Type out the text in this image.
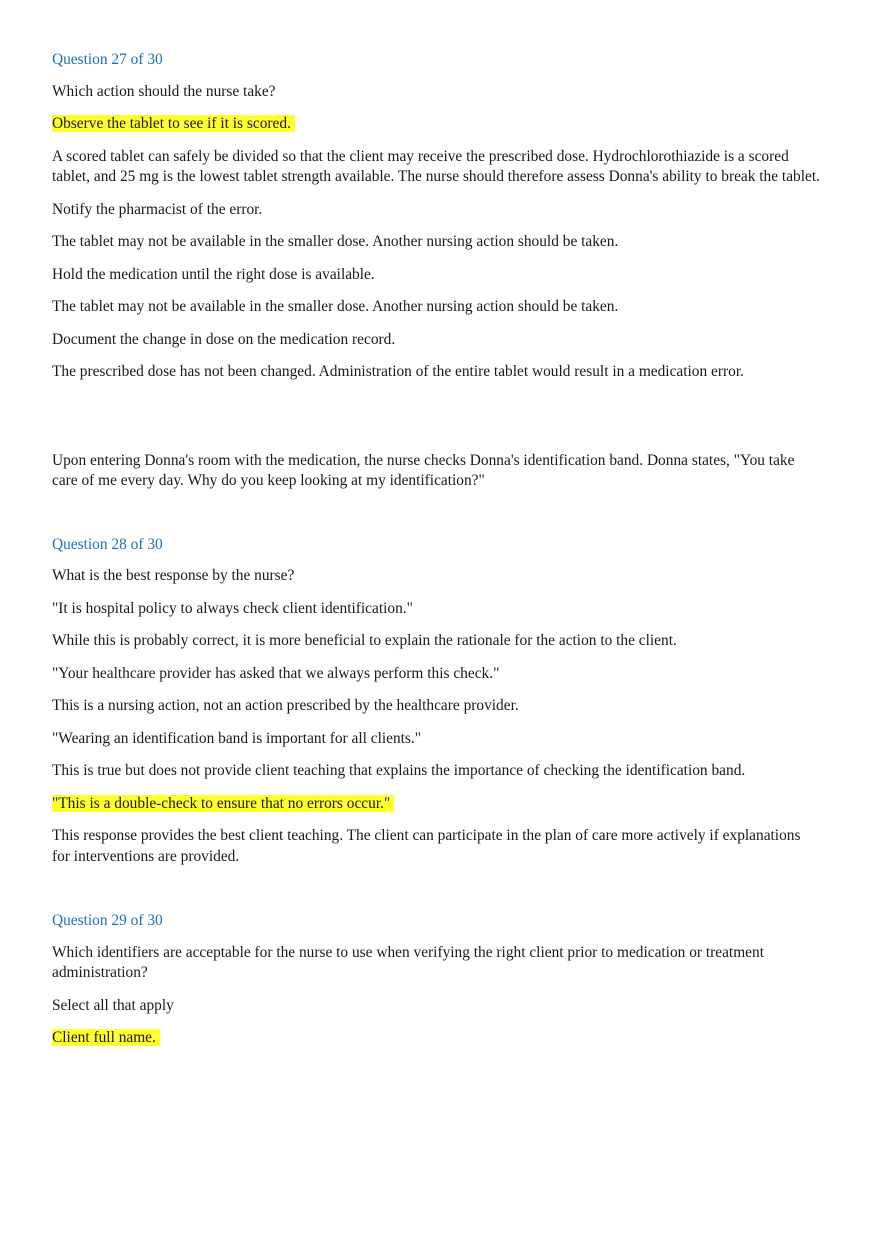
Question 27 of 30

Which action should the nurse take?

Observe the tablet to see if it is scored.

A scored tablet can safely be divided so that the client may receive the prescribed dose. Hydrochlorothiazide is a scored tablet, and 25 mg is the lowest tablet strength available. The nurse should therefore assess Donna's ability to break the tablet.

Notify the pharmacist of the error.

The tablet may not be available in the smaller dose. Another nursing action should be taken.

Hold the medication until the right dose is available.

The tablet may not be available in the smaller dose. Another nursing action should be taken.

Document the change in dose on the medication record.

The prescribed dose has not been changed. Administration of the entire tablet would result in a medication error.

Upon entering Donna's room with the medication, the nurse checks Donna's identification band. Donna states, "You take care of me every day. Why do you keep looking at my identification?"

Question 28 of 30

What is the best response by the nurse?

"It is hospital policy to always check client identification."

While this is probably correct, it is more beneficial to explain the rationale for the action to the client.

"Your healthcare provider has asked that we always perform this check."

This is a nursing action, not an action prescribed by the healthcare provider.

"Wearing an identification band is important for all clients."

This is true but does not provide client teaching that explains the importance of checking the identification band.

"This is a double-check to ensure that no errors occur."

This response provides the best client teaching. The client can participate in the plan of care more actively if explanations for interventions are provided.

Question 29 of 30

Which identifiers are acceptable for the nurse to use when verifying the right client prior to medication or treatment administration?

Select all that apply

Client full name.
